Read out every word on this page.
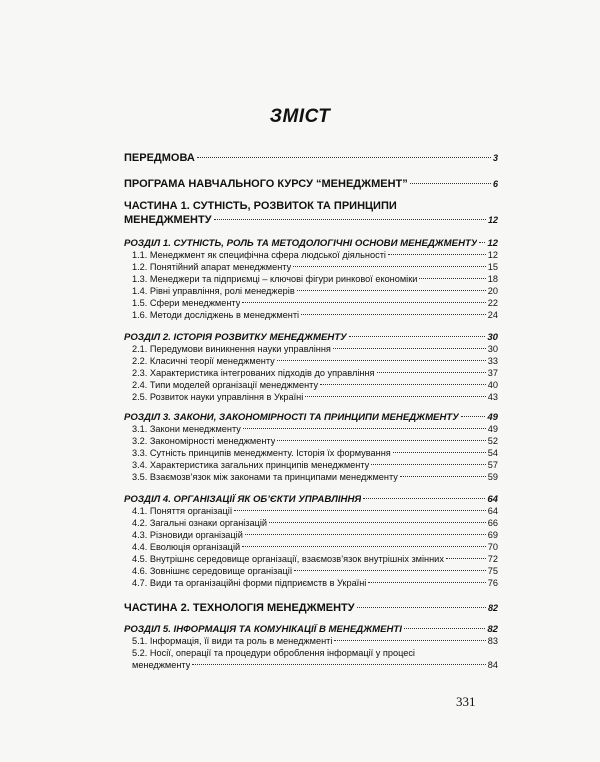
ЗМІСТ
ПЕРЕДМОВА	3
ПРОГРАМА НАВЧАЛЬНОГО КУРСУ “МЕНЕДЖМЕНТ”	6
ЧАСТИНА 1. СУТНІСТЬ, РОЗВИТОК ТА ПРИНЦИПИ
МЕНЕДЖМЕНТУ	12
РОЗДІЛ 1. СУТНІСТЬ, РОЛЬ ТА МЕТОДОЛОГІЧНІ ОСНОВИ МЕНЕДЖМЕНТУ 12
1.1. Менеджмент як специфічна сфера людської діяльності	12
1.2. Понятійний апарат менеджменту	15
1.3. Менеджери та підприємці – ключові фігури ринкової економіки	18
1.4. Рівні управління, ролі менеджерів	20
1.5. Сфери менеджменту	22
1.6. Методи досліджень в менеджменті	24
РОЗДІЛ 2. ІСТОРІЯ РОЗВИТКУ МЕНЕДЖМЕНТУ	30
2.1. Передумови виникнення науки управління	30
2.2. Класичні теорії менеджменту	33
2.3. Характеристика інтегрованих підходів до управління	37
2.4. Типи моделей організації менеджменту	40
2.5. Розвиток науки управління в Україні	43
РОЗДІЛ 3. ЗАКОНИ, ЗАКОНОМІРНОСТІ ТА ПРИНЦИПИ МЕНЕДЖМЕНТУ	49
3.1. Закони менеджменту	49
3.2. Закономірності менеджменту	52
3.3. Сутність принципів менеджменту. Історія їх формування	54
3.4. Характеристика загальних принципів менеджменту	57
3.5. Взаємозв’язок між законами та принципами менеджменту	59
РОЗДІЛ 4. ОРГАНІЗАЦІЇ ЯК ОБ’ЄКТИ УПРАВЛІННЯ	64
4.1. Поняття організації	64
4.2. Загальні ознаки організацій	66
4.3. Різновиди організацій	69
4.4. Еволюція організацій	70
4.5. Внутрішнє середовище організації, взаємозв’язок внутрішніх змінних	72
4.6. Зовнішнє середовище організації	75
4.7. Види та організаційні форми підприємств в Україні	76
ЧАСТИНА 2. ТЕХНОЛОГІЯ МЕНЕДЖМЕНТУ	82
РОЗДІЛ 5. ІНФОРМАЦІЯ ТА КОМУНІКАЦІЇ В МЕНЕДЖМЕНТІ	82
5.1. Інформація, її види та роль в менеджменті	83
5.2. Носії, операції та процедури оброблення інформації у процесі
менеджменту	84
331
